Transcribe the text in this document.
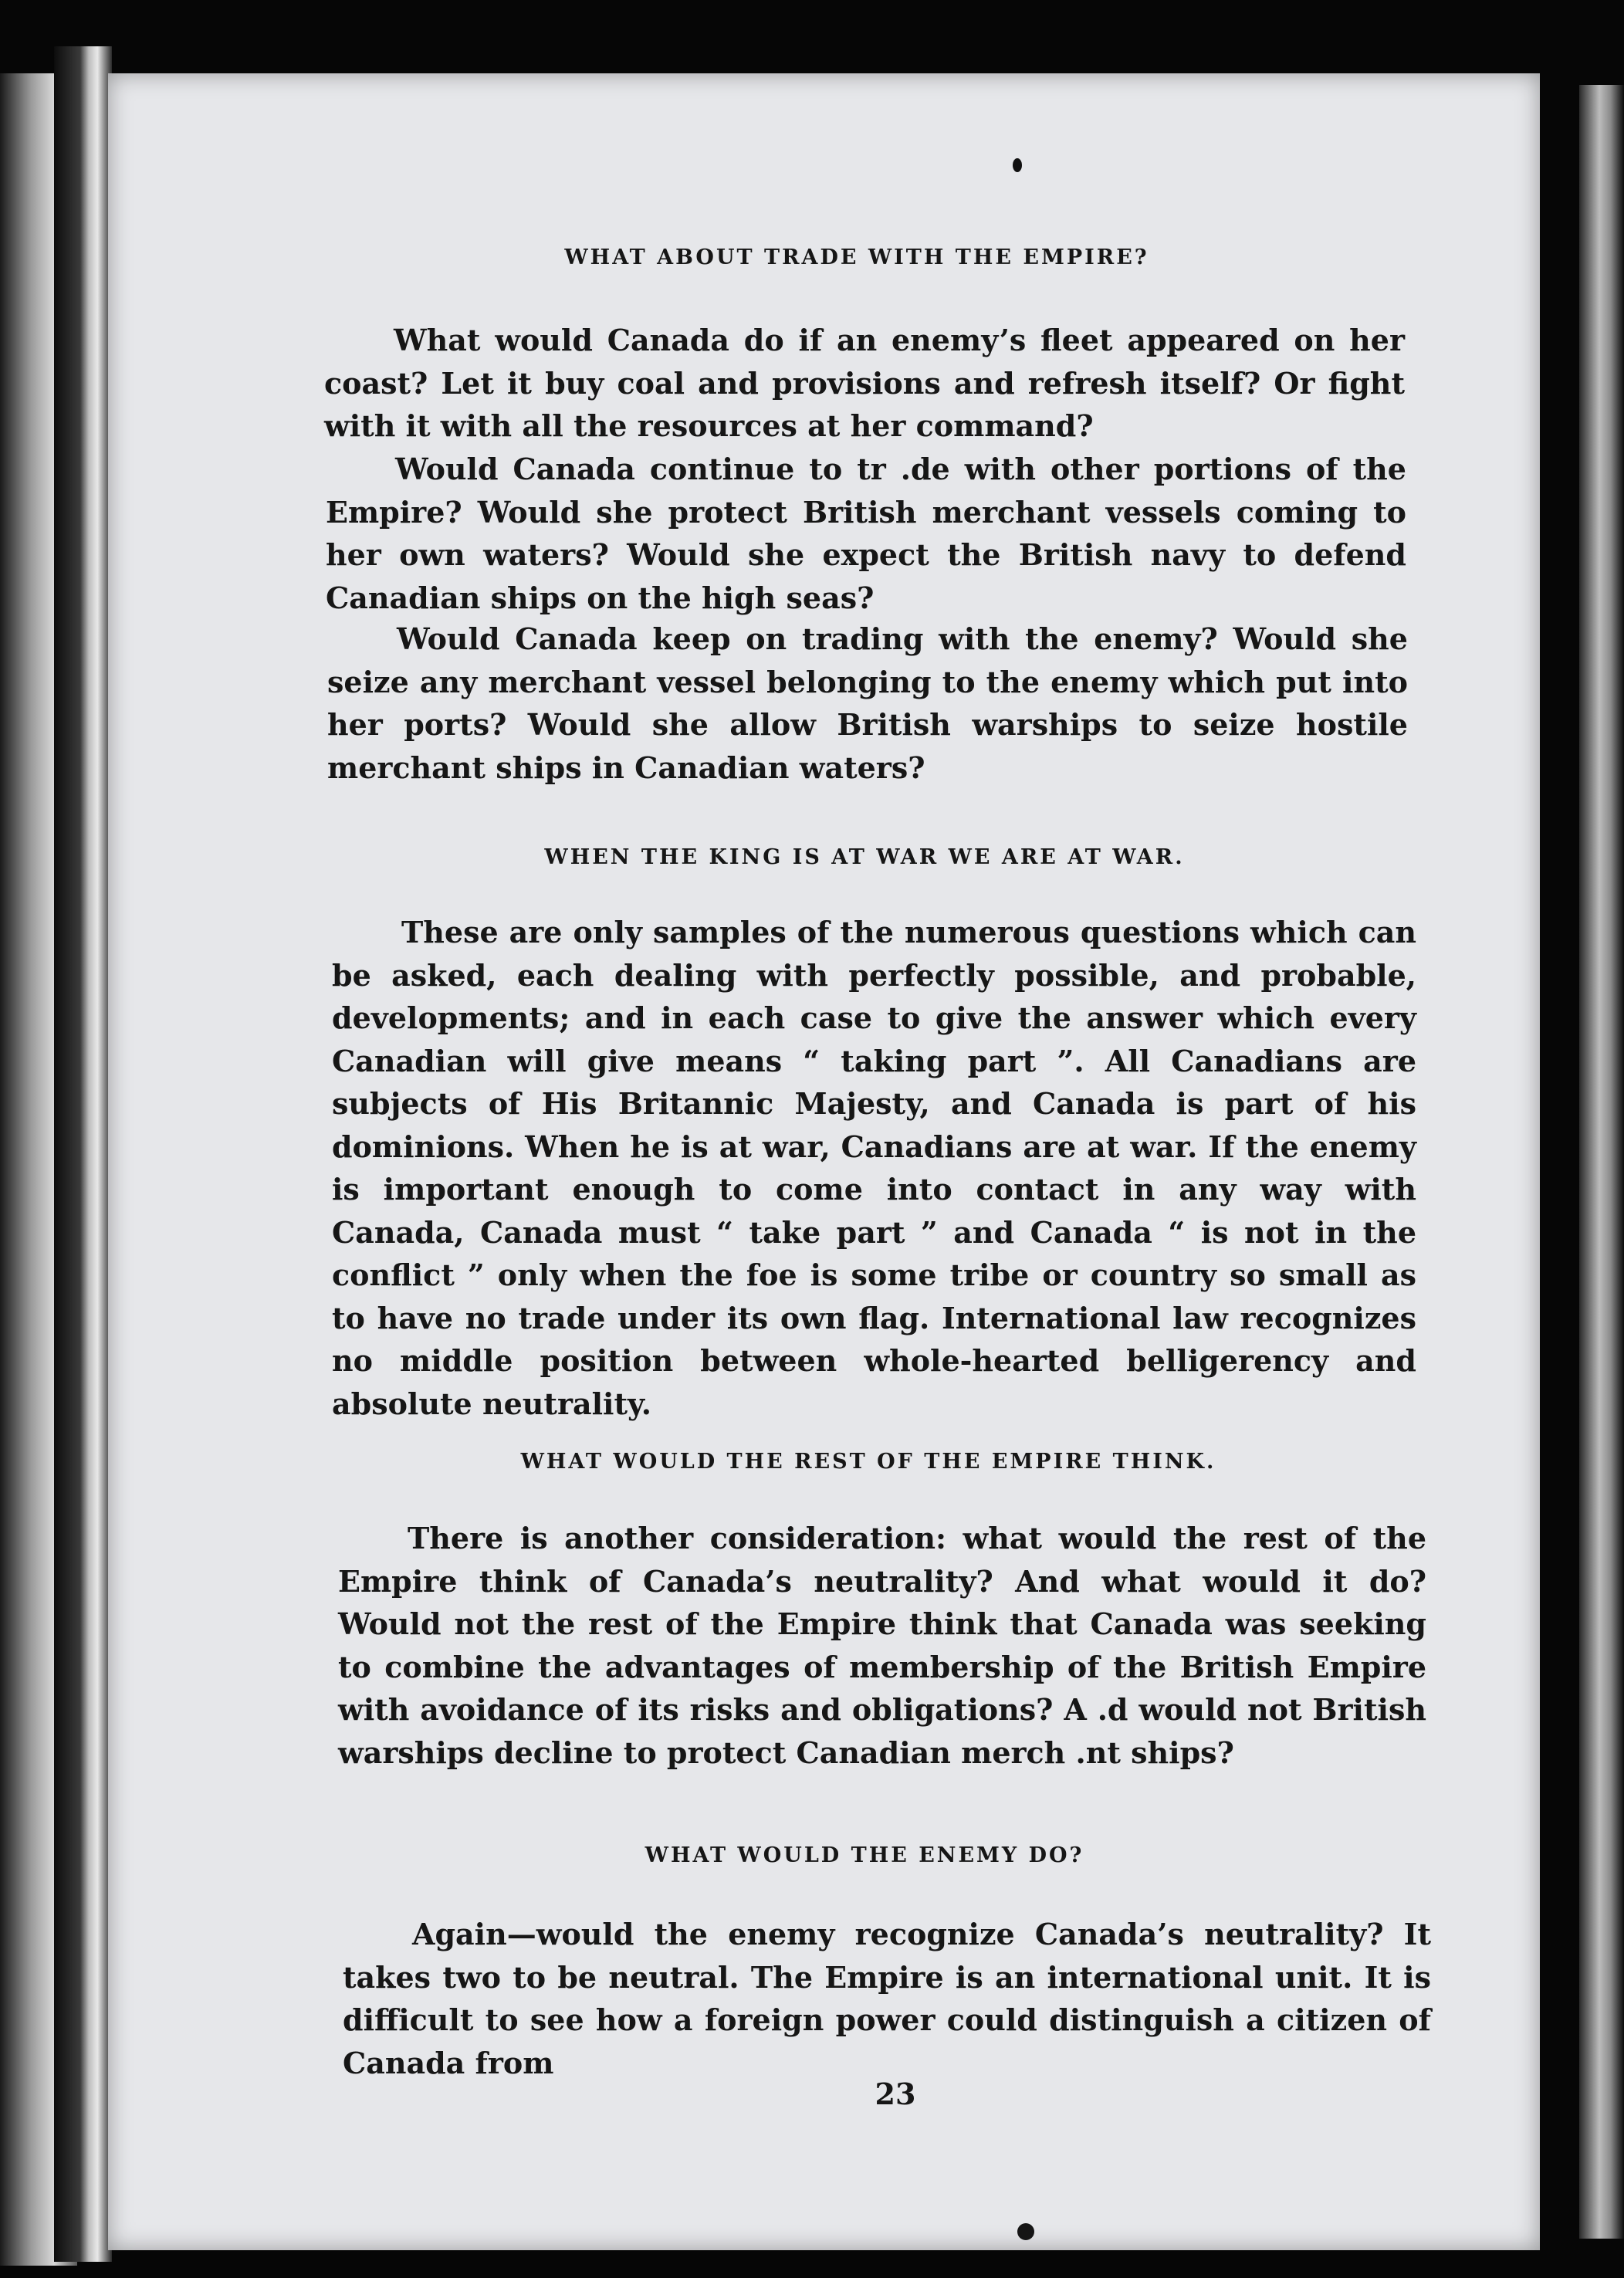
WHAT ABOUT TRADE WITH THE EMPIRE?
What would Canada do if an enemy’s fleet appeared on her coast? Let it buy coal and provisions and refresh itself? Or fight with it with all the resources at her command?
Would Canada continue to tr .de with other portions of the Empire? Would she protect British merchant vessels coming to her own waters? Would she expect the British navy to defend Canadian ships on the high seas?
Would Canada keep on trading with the enemy? Would she seize any merchant vessel belonging to the enemy which put into her ports? Would she allow British warships to seize hostile merchant ships in Canadian waters?
WHEN THE KING IS AT WAR WE ARE AT WAR.
These are only samples of the numerous questions which can be asked, each dealing with perfectly possible, and probable, developments; and in each case to give the answer which every Canadian will give means “ taking part ”. All Canadians are subjects of His Britannic Majesty, and Canada is part of his dominions. When he is at war, Canadians are at war. If the enemy is important enough to come into contact in any way with Canada, Canada must “ take part ” and Canada “ is not in the conflict ” only when the foe is some tribe or country so small as to have no trade under its own flag. International law recognizes no middle position between whole-hearted belligerency and absolute neutrality.
WHAT WOULD THE REST OF THE EMPIRE THINK.
There is another consideration: what would the rest of the Empire think of Canada’s neutrality? And what would it do? Would not the rest of the Empire think that Canada was seeking to combine the advantages of membership of the British Empire with avoidance of its risks and obligations? A .d would not British warships decline to protect Canadian merch .nt ships?
WHAT WOULD THE ENEMY DO?
Again—would the enemy recognize Canada’s neutrality? It takes two to be neutral. The Empire is an international unit. It is difficult to see how a foreign power could distinguish a citizen of Canada from
23
